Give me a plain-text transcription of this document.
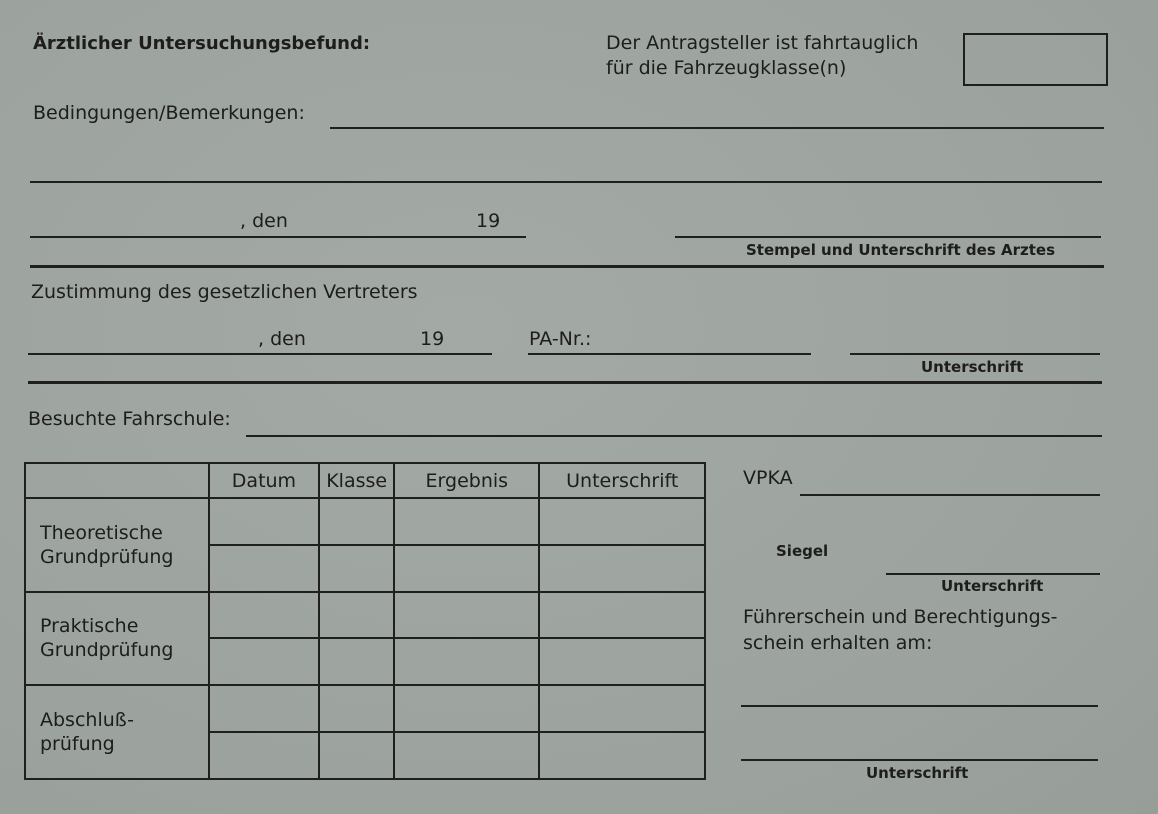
Ärztlicher Untersuchungsbefund:	Der Antragsteller ist fahrtauglich
für die Fahrzeugklasse(n)
Bedingungen/Bemerkungen:
, den	19
Stempel und Unterschrift des Arztes
Zustimmung des gesetzlichen Vertreters
, den	19	PA-Nr.:
Unterschrift
Besuchte Fahrschule:
	Datum	Klasse	Ergebnis	Unterschrift

Theoretische
Grundprüfung				

Praktische
Grundprüfung				

Abschluß-
prüfung				

VPKA
Siegel
Unterschrift
Führerschein und Berechtigungs-
schein erhalten am:
Unterschrift
